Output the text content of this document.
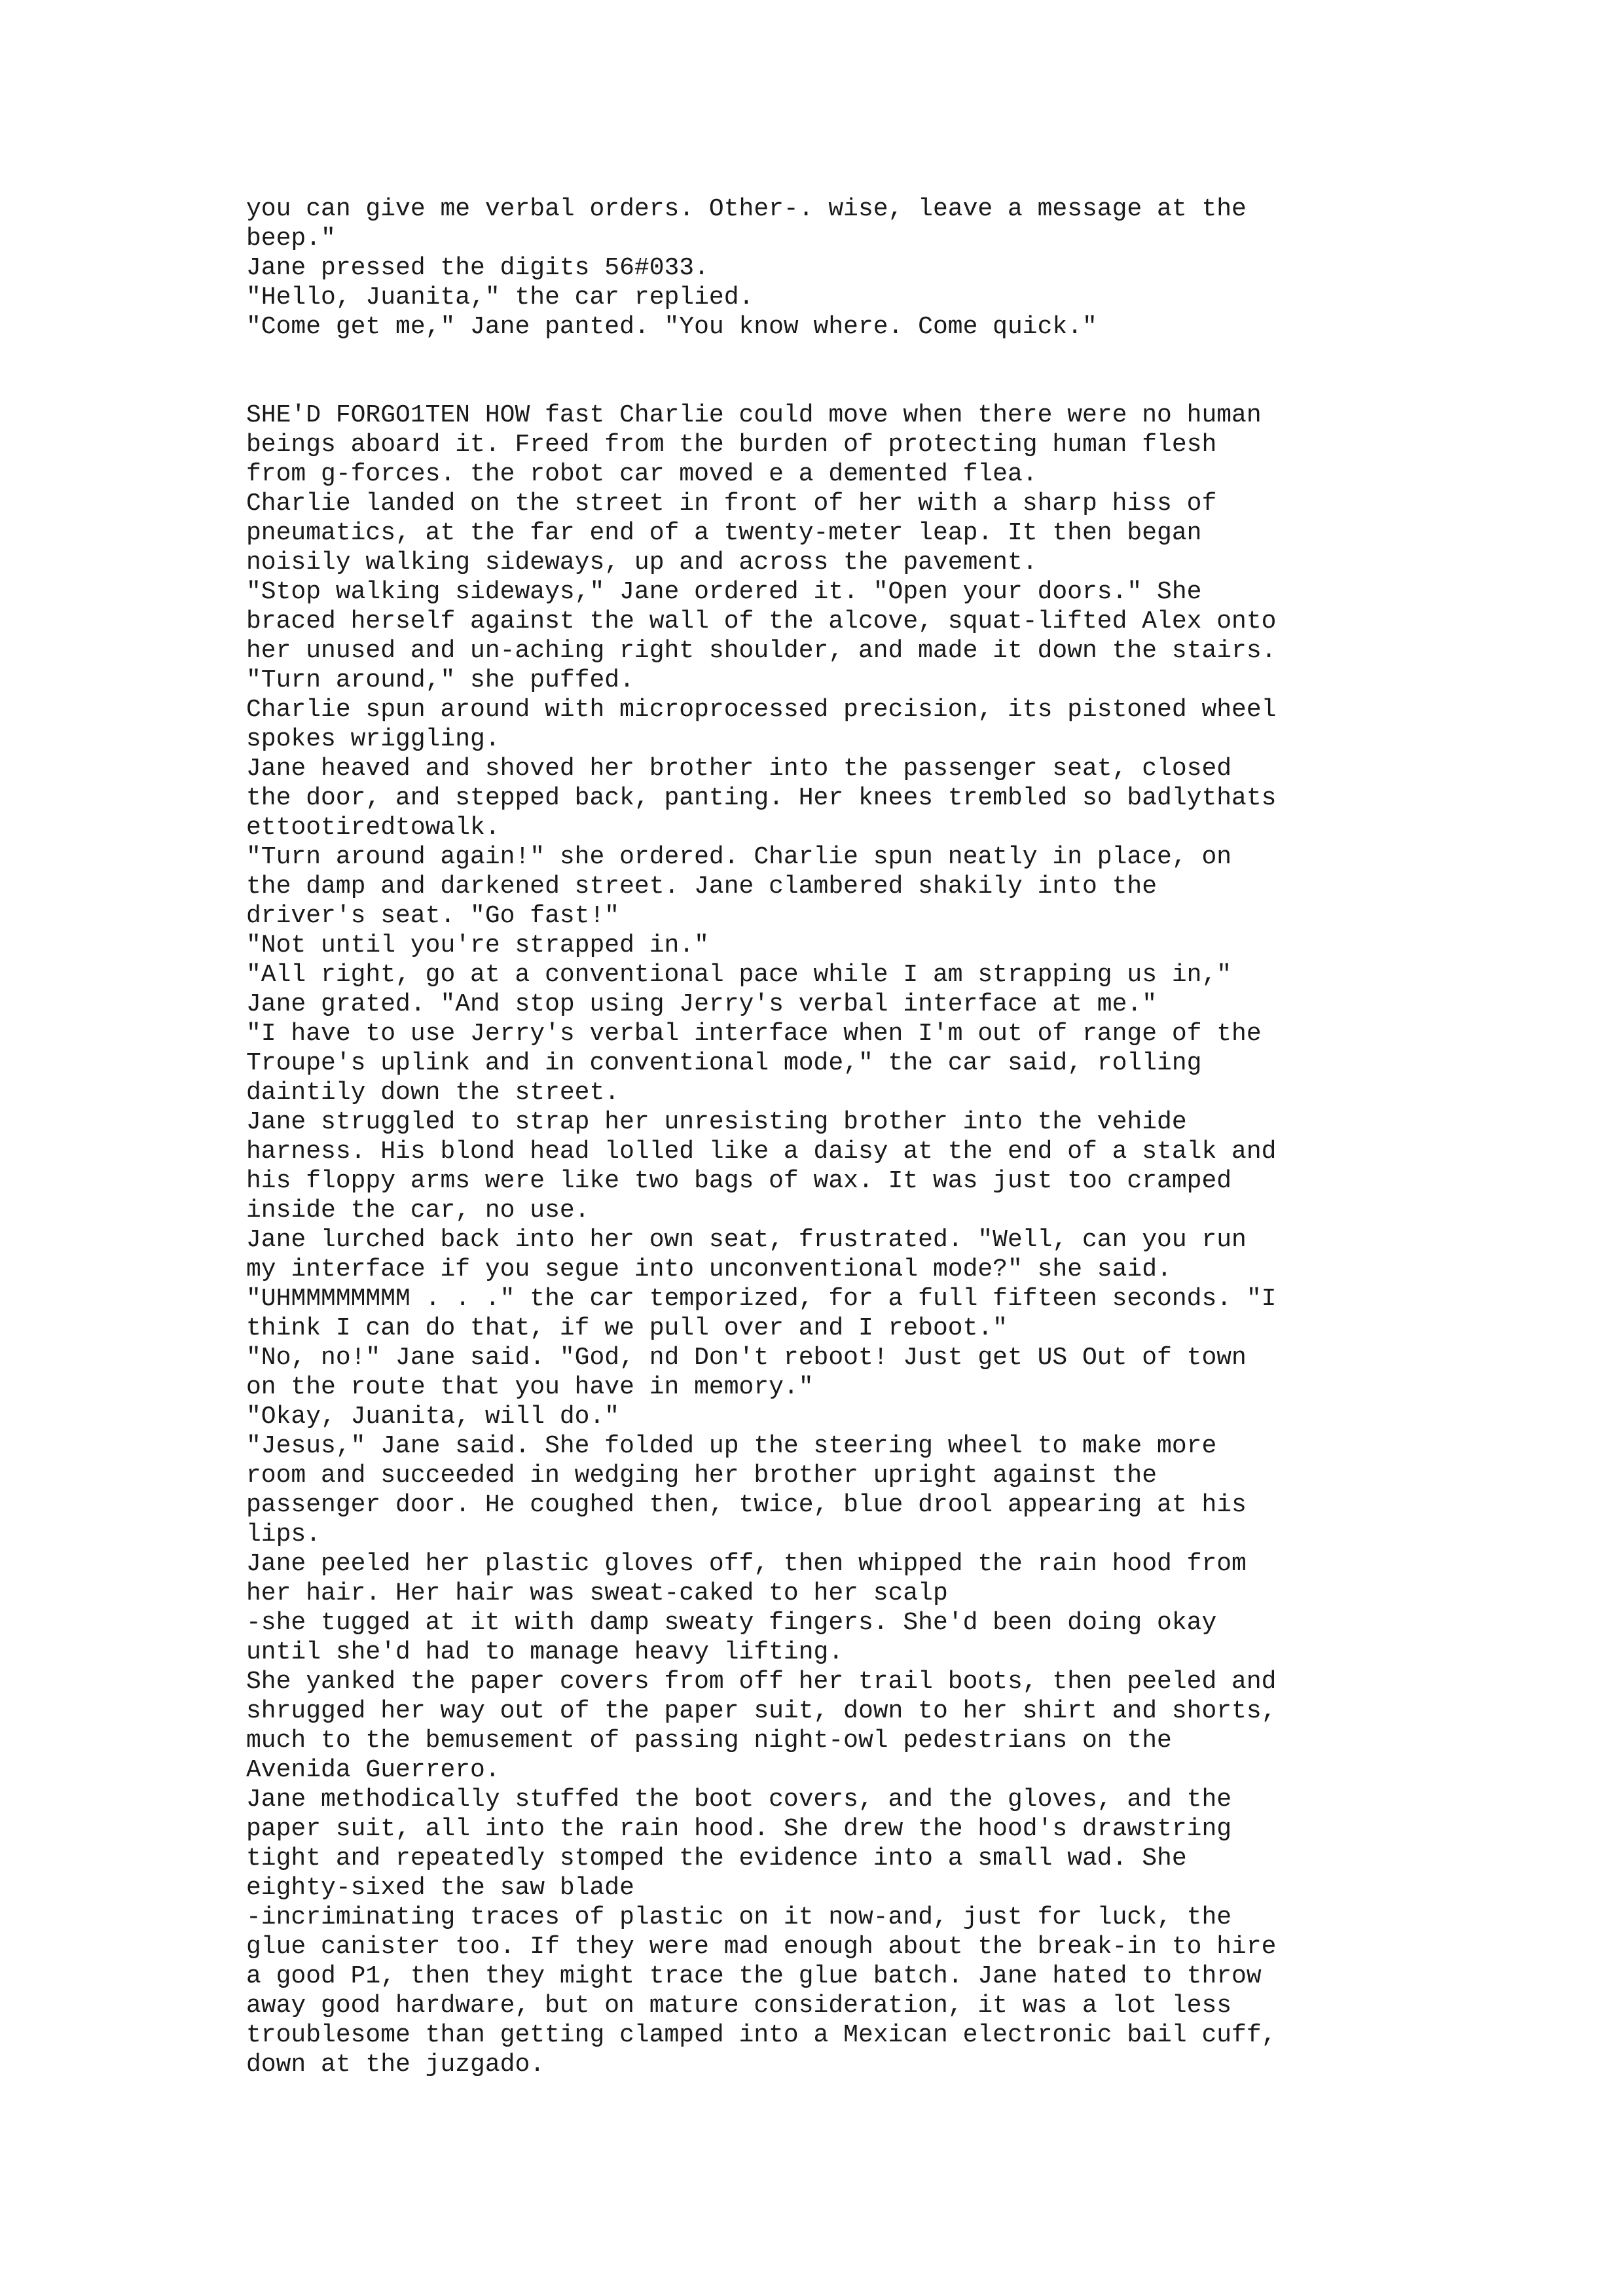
you can give me verbal orders. Other-. wise, leave a message at the
beep."
Jane pressed the digits 56#033.
"Hello, Juanita," the car replied.
"Come get me," Jane panted. "You know where. Come quick."
SHE'D FORGO1TEN HOW fast Charlie could move when there were no human
beings aboard it. Freed from the burden of protecting human flesh
from g-forces. the robot car moved e a demented flea.
Charlie landed on the street in front of her with a sharp hiss of
pneumatics, at the far end of a twenty-meter leap. It then began
noisily walking sideways, up and across the pavement.
"Stop walking sideways," Jane ordered it. "Open your doors." She
braced herself against the wall of the alcove, squat-lifted Alex onto
her unused and un-aching right shoulder, and made it down the stairs.
"Turn around," she puffed.
Charlie spun around with microprocessed precision, its pistoned wheel
spokes wriggling.
Jane heaved and shoved her brother into the passenger seat, closed
the door, and stepped back, panting. Her knees trembled so badlythats
ettootiredtowalk.
"Turn around again!" she ordered. Charlie spun neatly in place, on
the damp and darkened street. Jane clambered shakily into the
driver's seat. "Go fast!"
"Not until you're strapped in."
"All right, go at a conventional pace while I am strapping us in,"
Jane grated. "And stop using Jerry's verbal interface at me."
"I have to use Jerry's verbal interface when I'm out of range of the
Troupe's uplink and in conventional mode," the car said, rolling
daintily down the street.
Jane struggled to strap her unresisting brother into the vehide
harness. His blond head lolled like a daisy at the end of a stalk and
his floppy arms were like two bags of wax. It was just too cramped
inside the car, no use.
Jane lurched back into her own seat, frustrated. "Well, can you run
my interface if you segue into unconventional mode?" she said.
"UHMMMMMMMM . . ." the car temporized, for a full fifteen seconds. "I
think I can do that, if we pull over and I reboot."
"No, no!" Jane said. "God, nd Don't reboot! Just get US Out of town
on the route that you have in memory."
"Okay, Juanita, will do."
"Jesus," Jane said. She folded up the steering wheel to make more
room and succeeded in wedging her brother upright against the
passenger door. He coughed then, twice, blue drool appearing at his
lips.
Jane peeled her plastic gloves off, then whipped the rain hood from
her hair. Her hair was sweat-caked to her scalp
-she tugged at it with damp sweaty fingers. She'd been doing okay
until she'd had to manage heavy lifting.
She yanked the paper covers from off her trail boots, then peeled and
shrugged her way out of the paper suit, down to her shirt and shorts,
much to the bemusement of passing night-owl pedestrians on the
Avenida Guerrero.
Jane methodically stuffed the boot covers, and the gloves, and the
paper suit, all into the rain hood. She drew the hood's drawstring
tight and repeatedly stomped the evidence into a small wad. She
eighty-sixed the saw blade
-incriminating traces of plastic on it now-and, just for luck, the
glue canister too. If they were mad enough about the break-in to hire
a good P1, then they might trace the glue batch. Jane hated to throw
away good hardware, but on mature consideration, it was a lot less
troublesome than getting clamped into a Mexican electronic bail cuff,
down at the juzgado.
